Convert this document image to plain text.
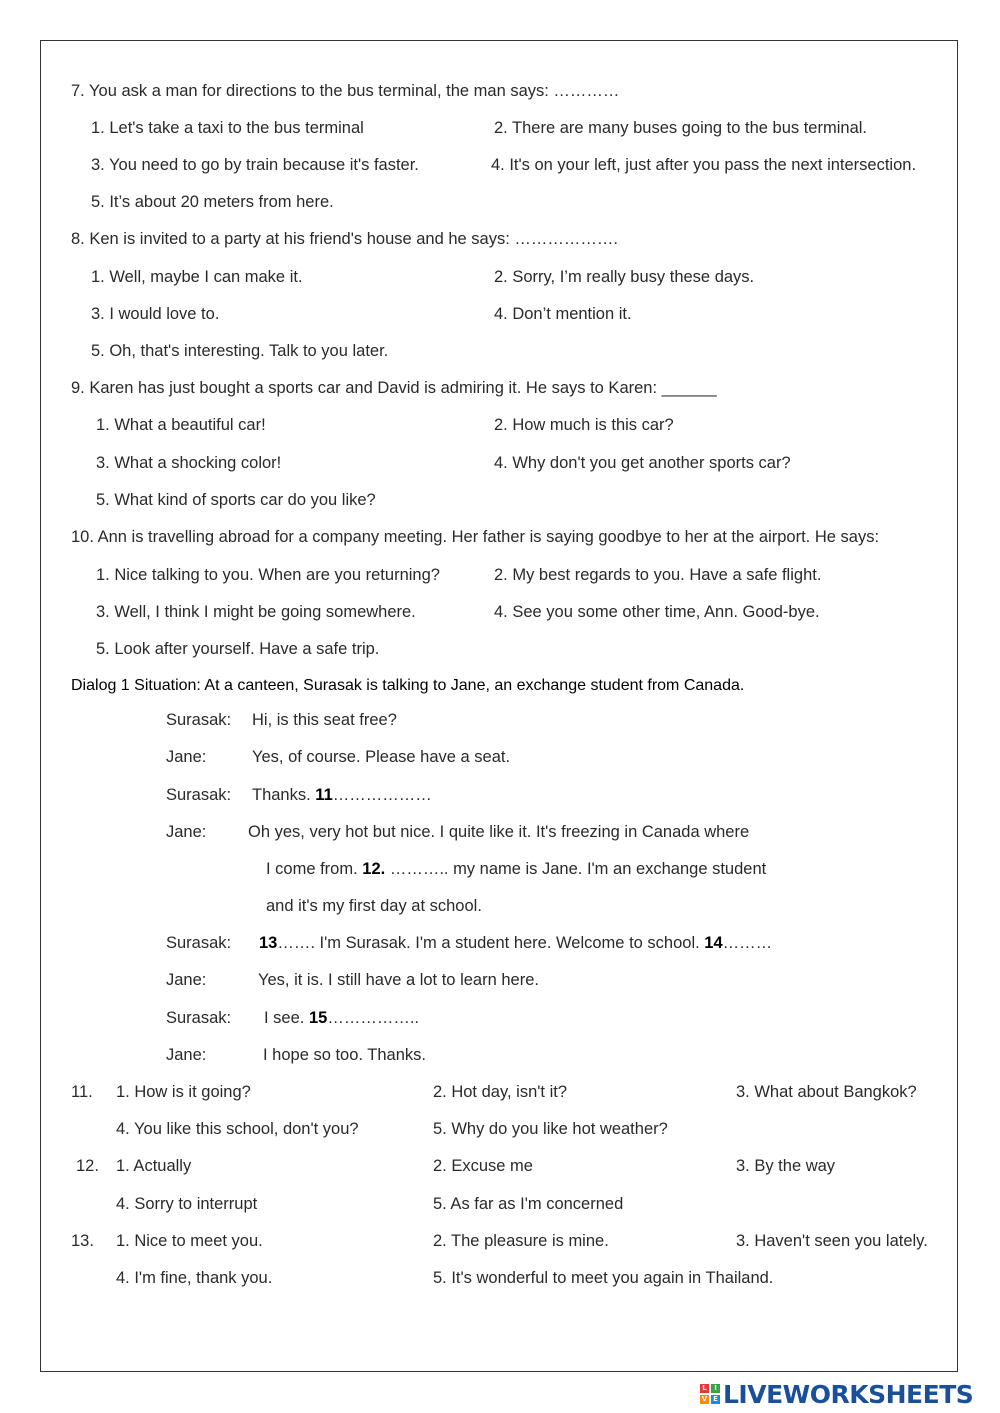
7. You ask a man for directions to the bus terminal, the man says: …………
1. Let's take a taxi to the bus terminal	2. There are many buses going to the bus terminal.
3. You need to go by train because it's faster.	4. It's on your left, just after you pass the next intersection.
5. It’s about 20 meters from here.
8. Ken is invited to a party at his friend's house and he says: ……………….
1. Well, maybe I can make it.	2. Sorry, I’m really busy these days.
3. I would love to.	4. Don’t mention it.
5. Oh, that's interesting. Talk to you later.
9. Karen has just bought a sports car and David is admiring it. He says to Karen: ______
1. What a beautiful car!	2. How much is this car?
3. What a shocking color!	4. Why don't you get another sports car?
5. What kind of sports car do you like?
10. Ann is travelling abroad for a company meeting. Her father is saying goodbye to her at the airport. He says:
1. Nice talking to you. When are you returning?	2. My best regards to you. Have a safe flight.
3. Well, I think I might be going somewhere.	4. See you some other time, Ann. Good-bye.
5. Look after yourself. Have a safe trip.
Dialog 1 Situation: At a canteen, Surasak is talking to Jane, an exchange student from Canada.
Surasak: Hi, is this seat free?
Jane:	Yes, of course. Please have a seat.
Surasak: Thanks. 11………………
Jane:	Oh yes, very hot but nice. I quite like it. It's freezing in Canada where
I come from. 12. ……….. my name is Jane. I'm an exchange student
and it's my first day at school.
Surasak: 13……. I'm Surasak. I'm a student here. Welcome to school. 14………
Jane:	Yes, it is. I still have a lot to learn here.
Surasak: I see. 15……………..
Jane:	I hope so too. Thanks.
11. 1. How is it going?	2. Hot day, isn't it?	3. What about Bangkok?
4. You like this school, don't you?	5. Why do you like hot weather?
12. 1. Actually	2. Excuse me	3. By the way
4. Sorry to interrupt	5. As far as I'm concerned
13. 1. Nice to meet you.	2. The pleasure is mine.	3. Haven't seen you lately.
4. I'm fine, thank you.	5. It's wonderful to meet you again in Thailand.
L	I
V E LIVEWORKSHEETS
